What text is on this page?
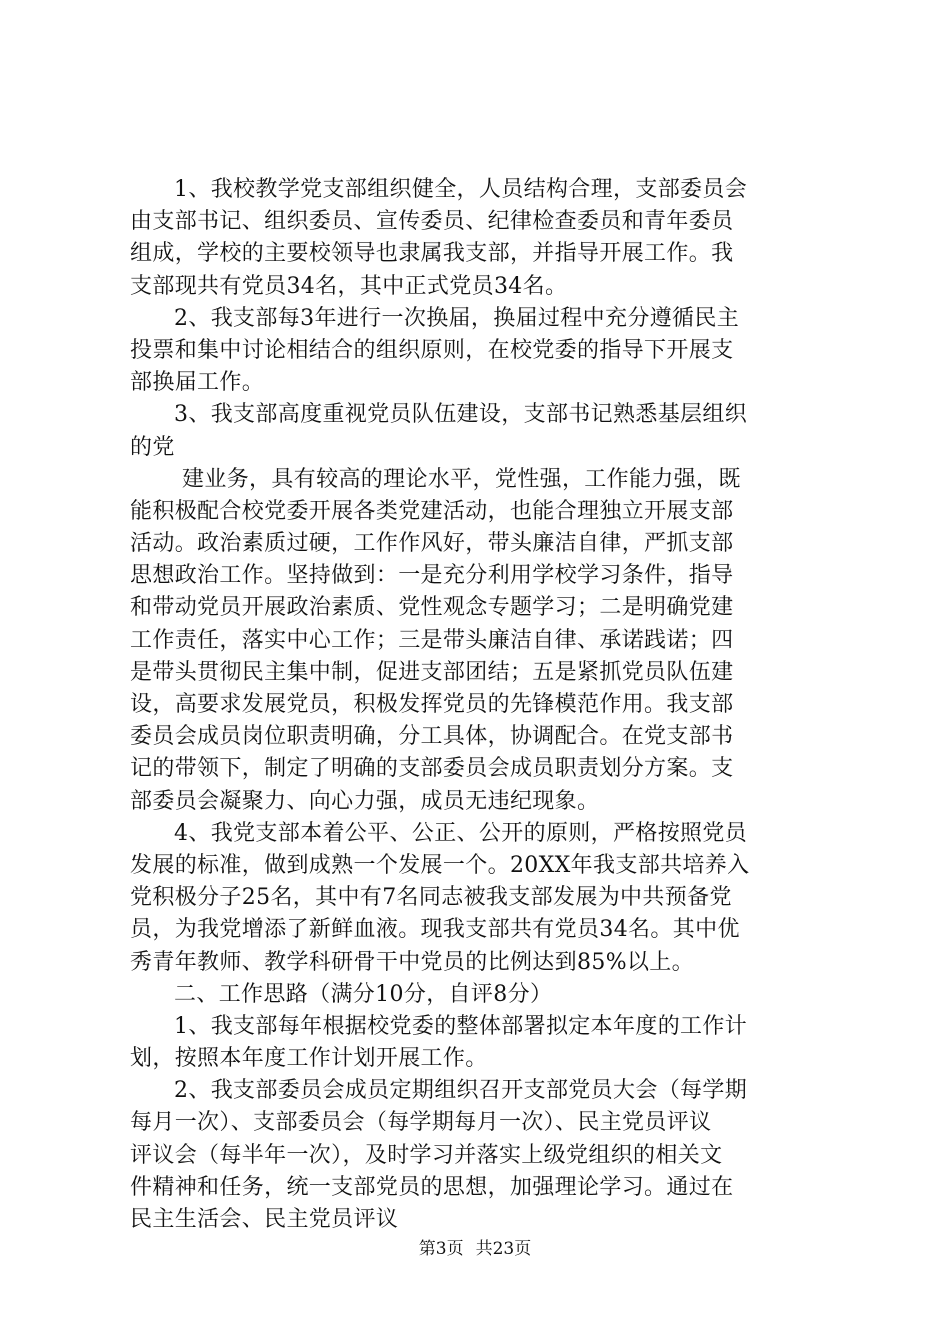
1、我校教学党支部组织健全，人员结构合理，支部委员会
由支部书记、组织委员、宣传委员、纪律检查委员和青年委员
组成，学校的主要校领导也隶属我支部，并指导开展工作。我
支部现共有党员34名，其中正式党员34名。
2、我支部每3年进行一次换届，换届过程中充分遵循民主
投票和集中讨论相结合的组织原则，在校党委的指导下开展支
部换届工作。
3、我支部高度重视党员队伍建设，支部书记熟悉基层组织
的党
建业务，具有较高的理论水平，党性强，工作能力强，既
能积极配合校党委开展各类党建活动，也能合理独立开展支部
活动。政治素质过硬，工作作风好，带头廉洁自律，严抓支部
思想政治工作。坚持做到：一是充分利用学校学习条件，指导
和带动党员开展政治素质、党性观念专题学习；二是明确党建
工作责任，落实中心工作；三是带头廉洁自律、承诺践诺；四
是带头贯彻民主集中制，促进支部团结；五是紧抓党员队伍建
设，高要求发展党员，积极发挥党员的先锋模范作用。我支部
委员会成员岗位职责明确，分工具体，协调配合。在党支部书
记的带领下，制定了明确的支部委员会成员职责划分方案。支
部委员会凝聚力、向心力强，成员无违纪现象。
4、我党支部本着公平、公正、公开的原则，严格按照党员
发展的标准，做到成熟一个发展一个。20XX年我支部共培养入
党积极分子25名，其中有7名同志被我支部发展为中共预备党
员，为我党增添了新鲜血液。现我支部共有党员34名。其中优
秀青年教师、教学科研骨干中党员的比例达到85%以上。
二、工作思路（满分10分，自评8分）
1、我支部每年根据校党委的整体部署拟定本年度的工作计
划，按照本年度工作计划开展工作。
2、我支部委员会成员定期组织召开支部党员大会（每学期
每月一次）、支部委员会（每学期每月一次）、民主党员评议
评议会（每半年一次），及时学习并落实上级党组织的相关文
件精神和任务，统一支部党员的思想，加强理论学习。通过在
民主生活会、民主党员评议
第3页 共23页
